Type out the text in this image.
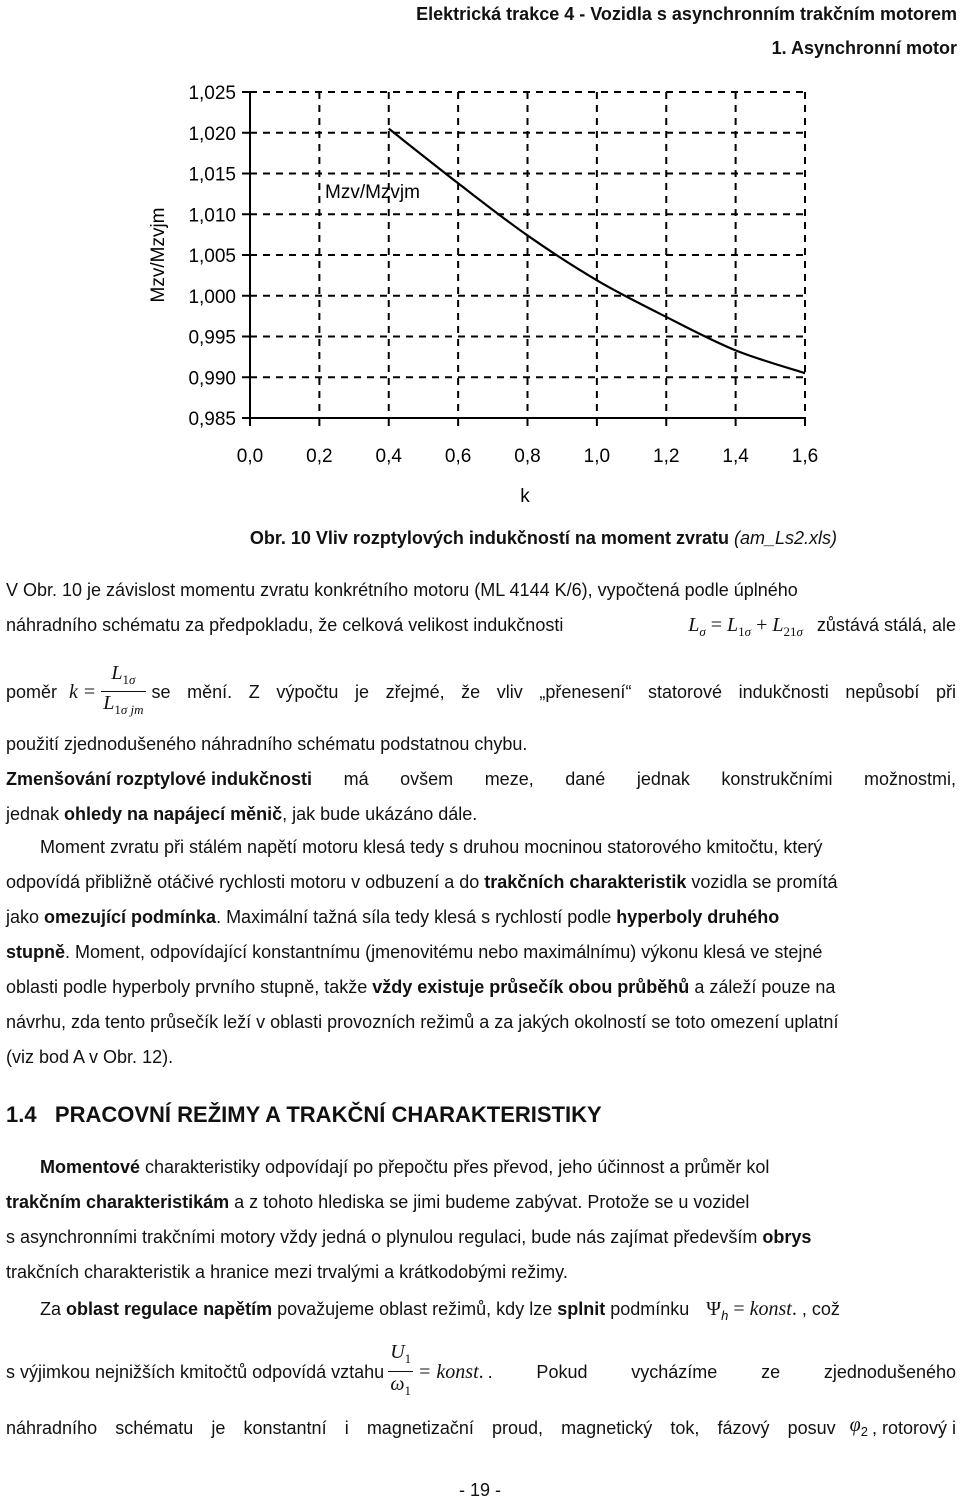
Elektrická trakce 4 - Vozidla s asynchronním trakčním motorem
1. Asynchronní motor
1,025
1,020
1,015
1,010
1,005
1,000
0,995
0,990
0,985
0,0 0,2 0,4 0,6 0,8 1,0 1,2 1,4 1,6
Mzv/Mzvjm
k
Mzv/Mzvjm
Obr. 10 Vliv rozptylových indukčností na moment zvratu (am_Ls2.xls)
V Obr. 10 je závislost momentu zvratu konkrétního motoru (ML 4144 K/6), vypočtená podle úplného
náhradního schématu za předpokladu, že celková velikost indukčnosti	$L_\sigma = L_{1\sigma} + L_{21\sigma}$ zůstává stálá, ale
poměr $k = \frac{L_{1\sigma}}{L_{1\sigma jm}}$ se mění. Z výpočtu je zřejmé, že vliv „přenesení“ statorové indukčnosti nepůsobí při
použití zjednodušeného náhradního schématu podstatnou chybu.
Zmenšování rozptylové indukčnosti má ovšem meze, dané jednak konstrukčními možnostmi,
jednak ohledy na napájecí měnič, jak bude ukázáno dále.
Moment zvratu při stálém napětí motoru klesá tedy s druhou mocninou statorového kmitočtu, který
odpovídá přibližně otáčivé rychlosti motoru v odbuzení a do trakčních charakteristik vozidla se promítá
jako omezující podmínka. Maximální tažná síla tedy klesá s rychlostí podle hyperboly druhého
stupně. Moment, odpovídající konstantnímu (jmenovitému nebo maximálnímu) výkonu klesá ve stejné
oblasti podle hyperboly prvního stupně, takže vždy existuje průsečík obou průběhů a záleží pouze na
návrhu, zda tento průsečík leží v oblasti provozních režimů a za jakých okolností se toto omezení uplatní
(viz bod A v Obr. 12).
1.4   PRACOVNÍ REŽIMY A TRAKČNÍ CHARAKTERISTIKY
Momentové charakteristiky odpovídají po přepočtu přes převod, jeho účinnost a průměr kol
trakčním charakteristikám a z tohoto hlediska se jimi budeme zabývat. Protože se u vozidel
s asynchronními trakčními motory vždy jedná o plynulou regulaci, bude nás zajímat především obrys
trakčních charakteristik a hranice mezi trvalými a krátkodobými režimy.
Za oblast regulace napětím považujeme oblast režimů, kdy lze splnit podmínku $\Psi_h$ = konst. , což
s výjimkou nejnižších kmitočtů odpovídá vztahu $\frac{U_1}{\omega_1}$ = konst . . Pokud vycházíme ze zjednodušeného
náhradního schématu je konstantní i magnetizační proud, magnetický tok, fázový posuv $\varphi_2$ , rotorový i
- 19 -
